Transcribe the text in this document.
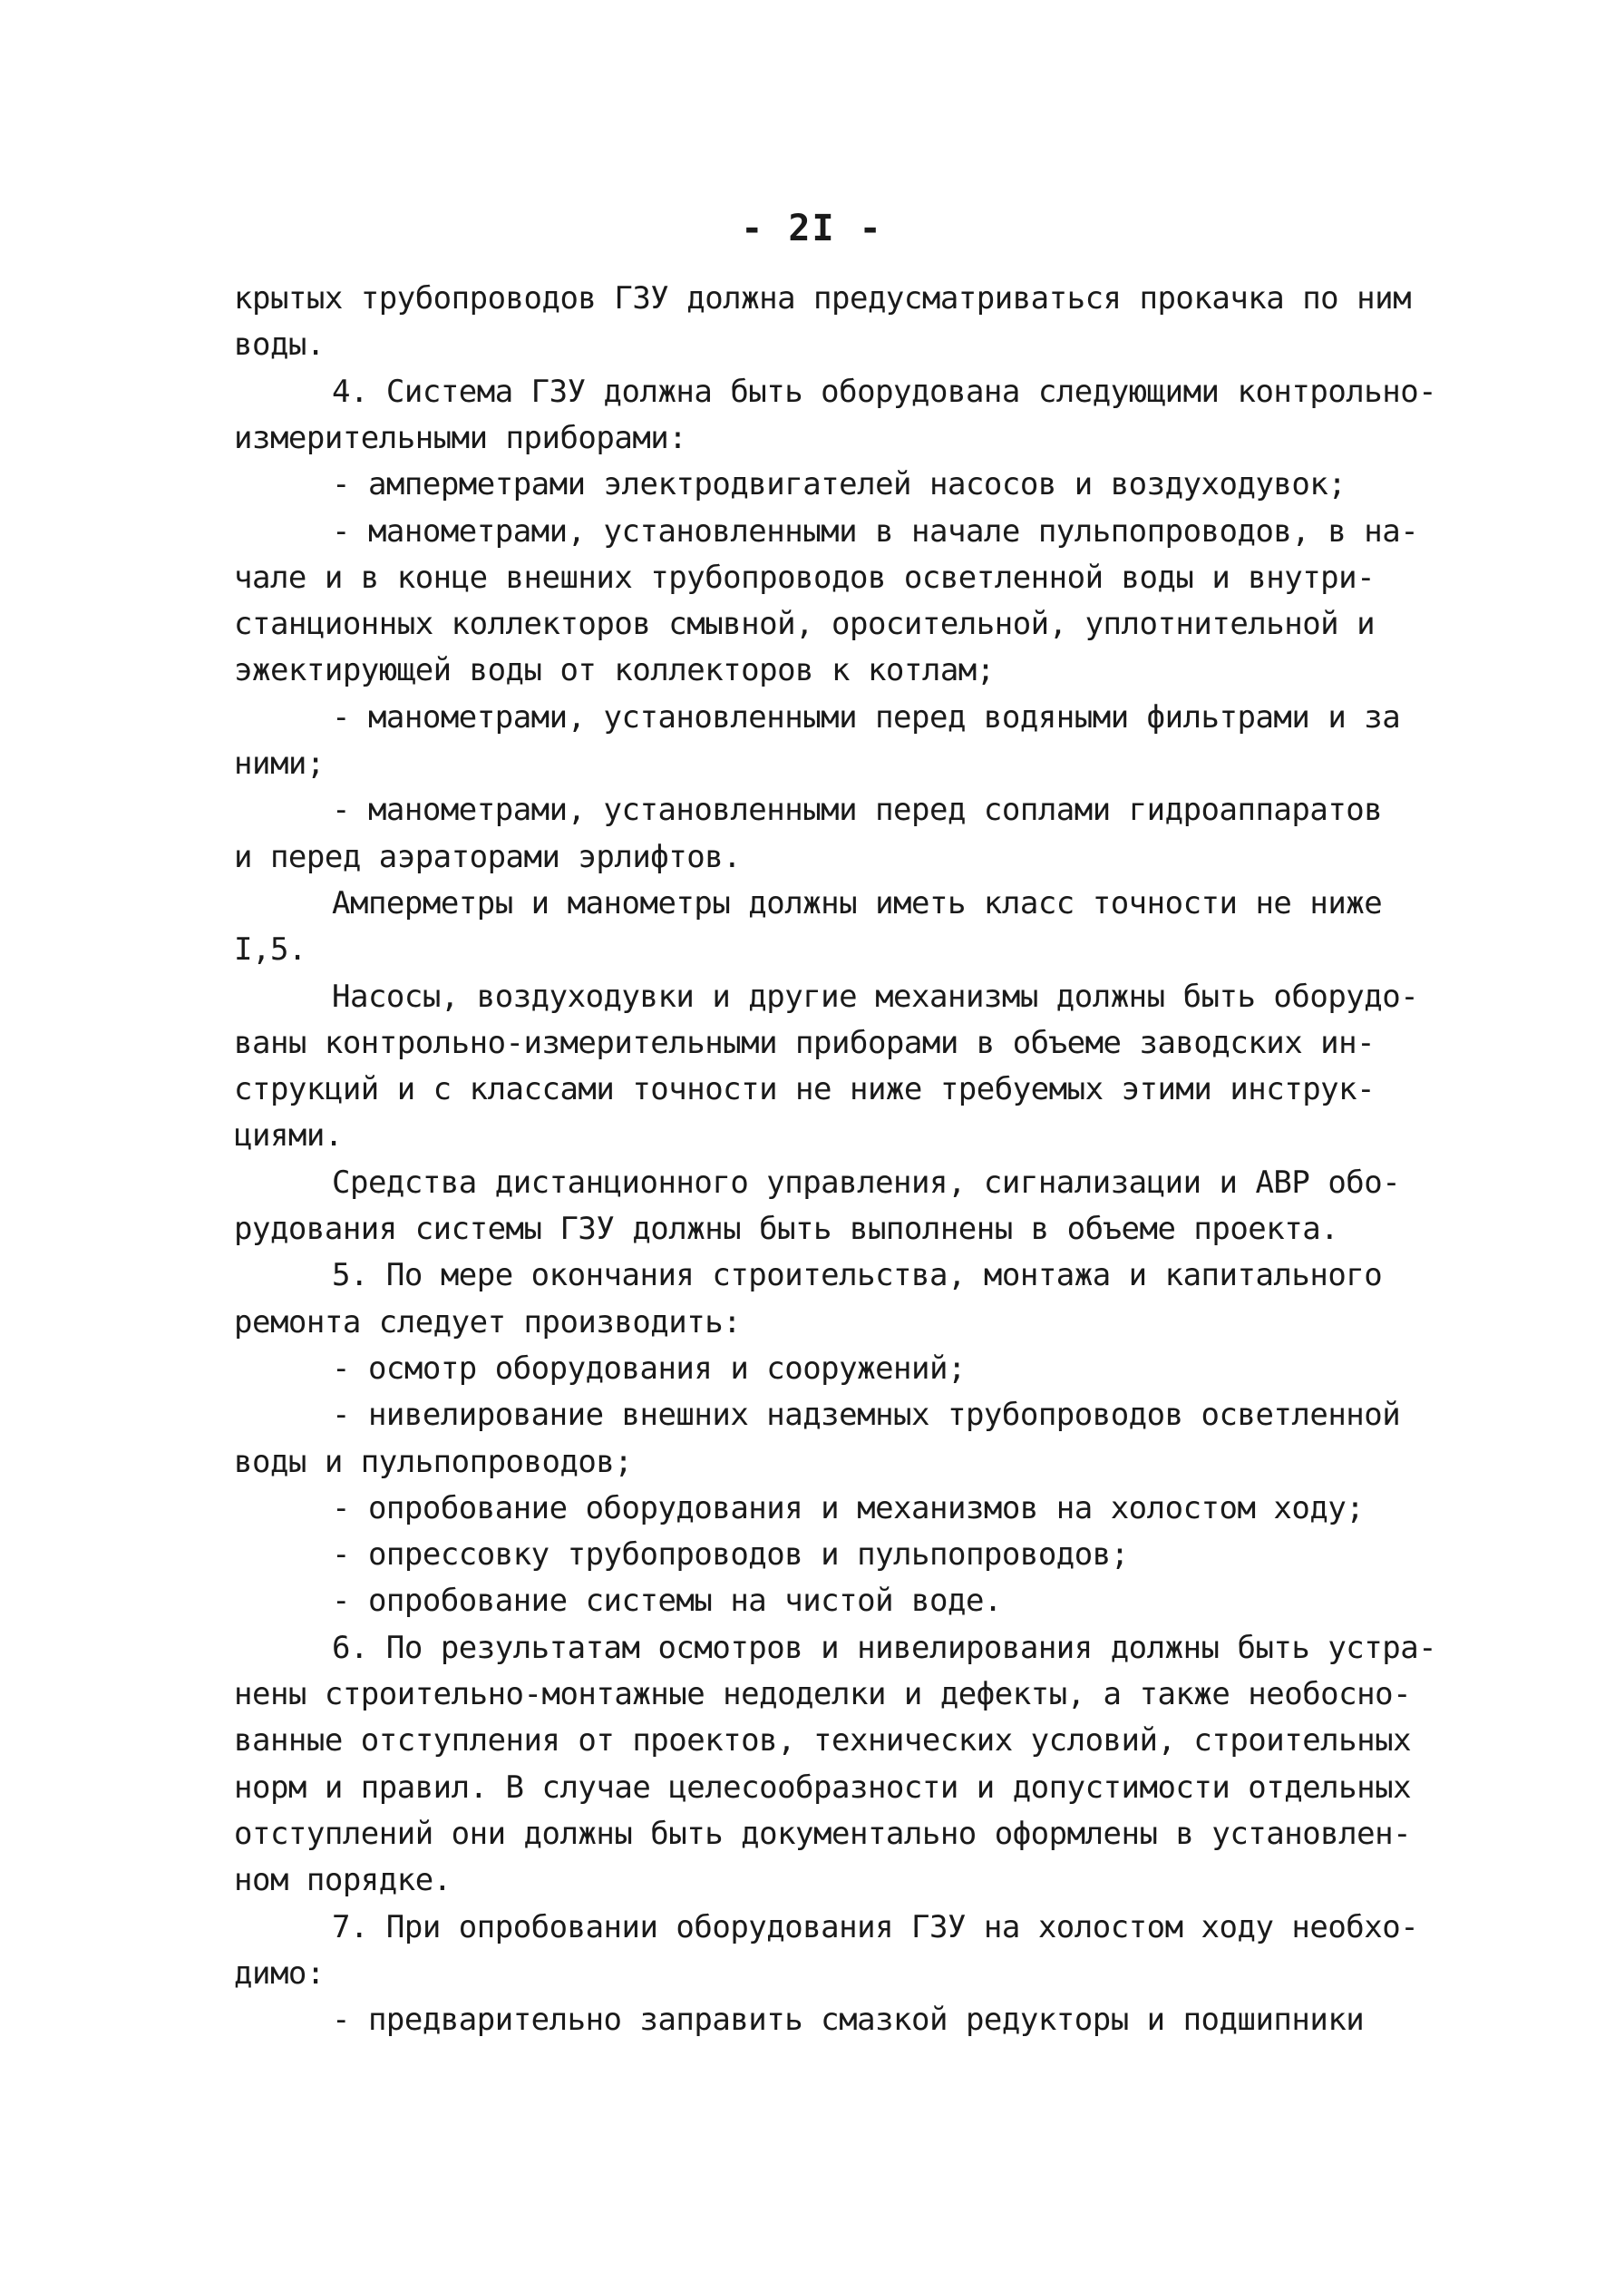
- 2I -
крытых трубопроводов ГЗУ должна предусматриваться прокачка по ним
воды.
4. Система ГЗУ должна быть оборудована следующими контрольно-
измерительными приборами:
- амперметрами электродвигателей насосов и воздуходувок;
- манометрами, установленными в начале пульпопроводов, в на-
чале и в конце внешних трубопроводов осветленной воды и внутри-
станционных коллекторов смывной, оросительной, уплотнительной и
эжектирующей воды от коллекторов к котлам;
- манометрами, установленными перед водяными фильтрами и за
ними;
- манометрами, установленными перед соплами гидроаппаратов
и перед аэраторами эрлифтов.
Амперметры и манометры должны иметь класс точности не ниже
I,5.
Насосы, воздуходувки и другие механизмы должны быть оборудо-
ваны контрольно-измерительными приборами в объеме заводских ин-
струкций и с классами точности не ниже требуемых этими инструк-
циями.
Средства дистанционного управления, сигнализации и АВР обо-
рудования системы ГЗУ должны быть выполнены в объеме проекта.
5. По мере окончания строительства, монтажа и капитального
ремонта следует производить:
- осмотр оборудования и сооружений;
- нивелирование внешних надземных трубопроводов осветленной
воды и пульпопроводов;
- опробование оборудования и механизмов на холостом ходу;
- опрессовку трубопроводов и пульпопроводов;
- опробование системы на чистой воде.
6. По результатам осмотров и нивелирования должны быть устра-
нены строительно-монтажные недоделки и дефекты, а также необосно-
ванные отступления от проектов, технических условий, строительных
норм и правил. В случае целесообразности и допустимости отдельных
отступлений они должны быть документально оформлены в установлен-
ном порядке.
7. При опробовании оборудования ГЗУ на холостом ходу необхо-
димо:
- предварительно заправить смазкой редукторы и подшипники
